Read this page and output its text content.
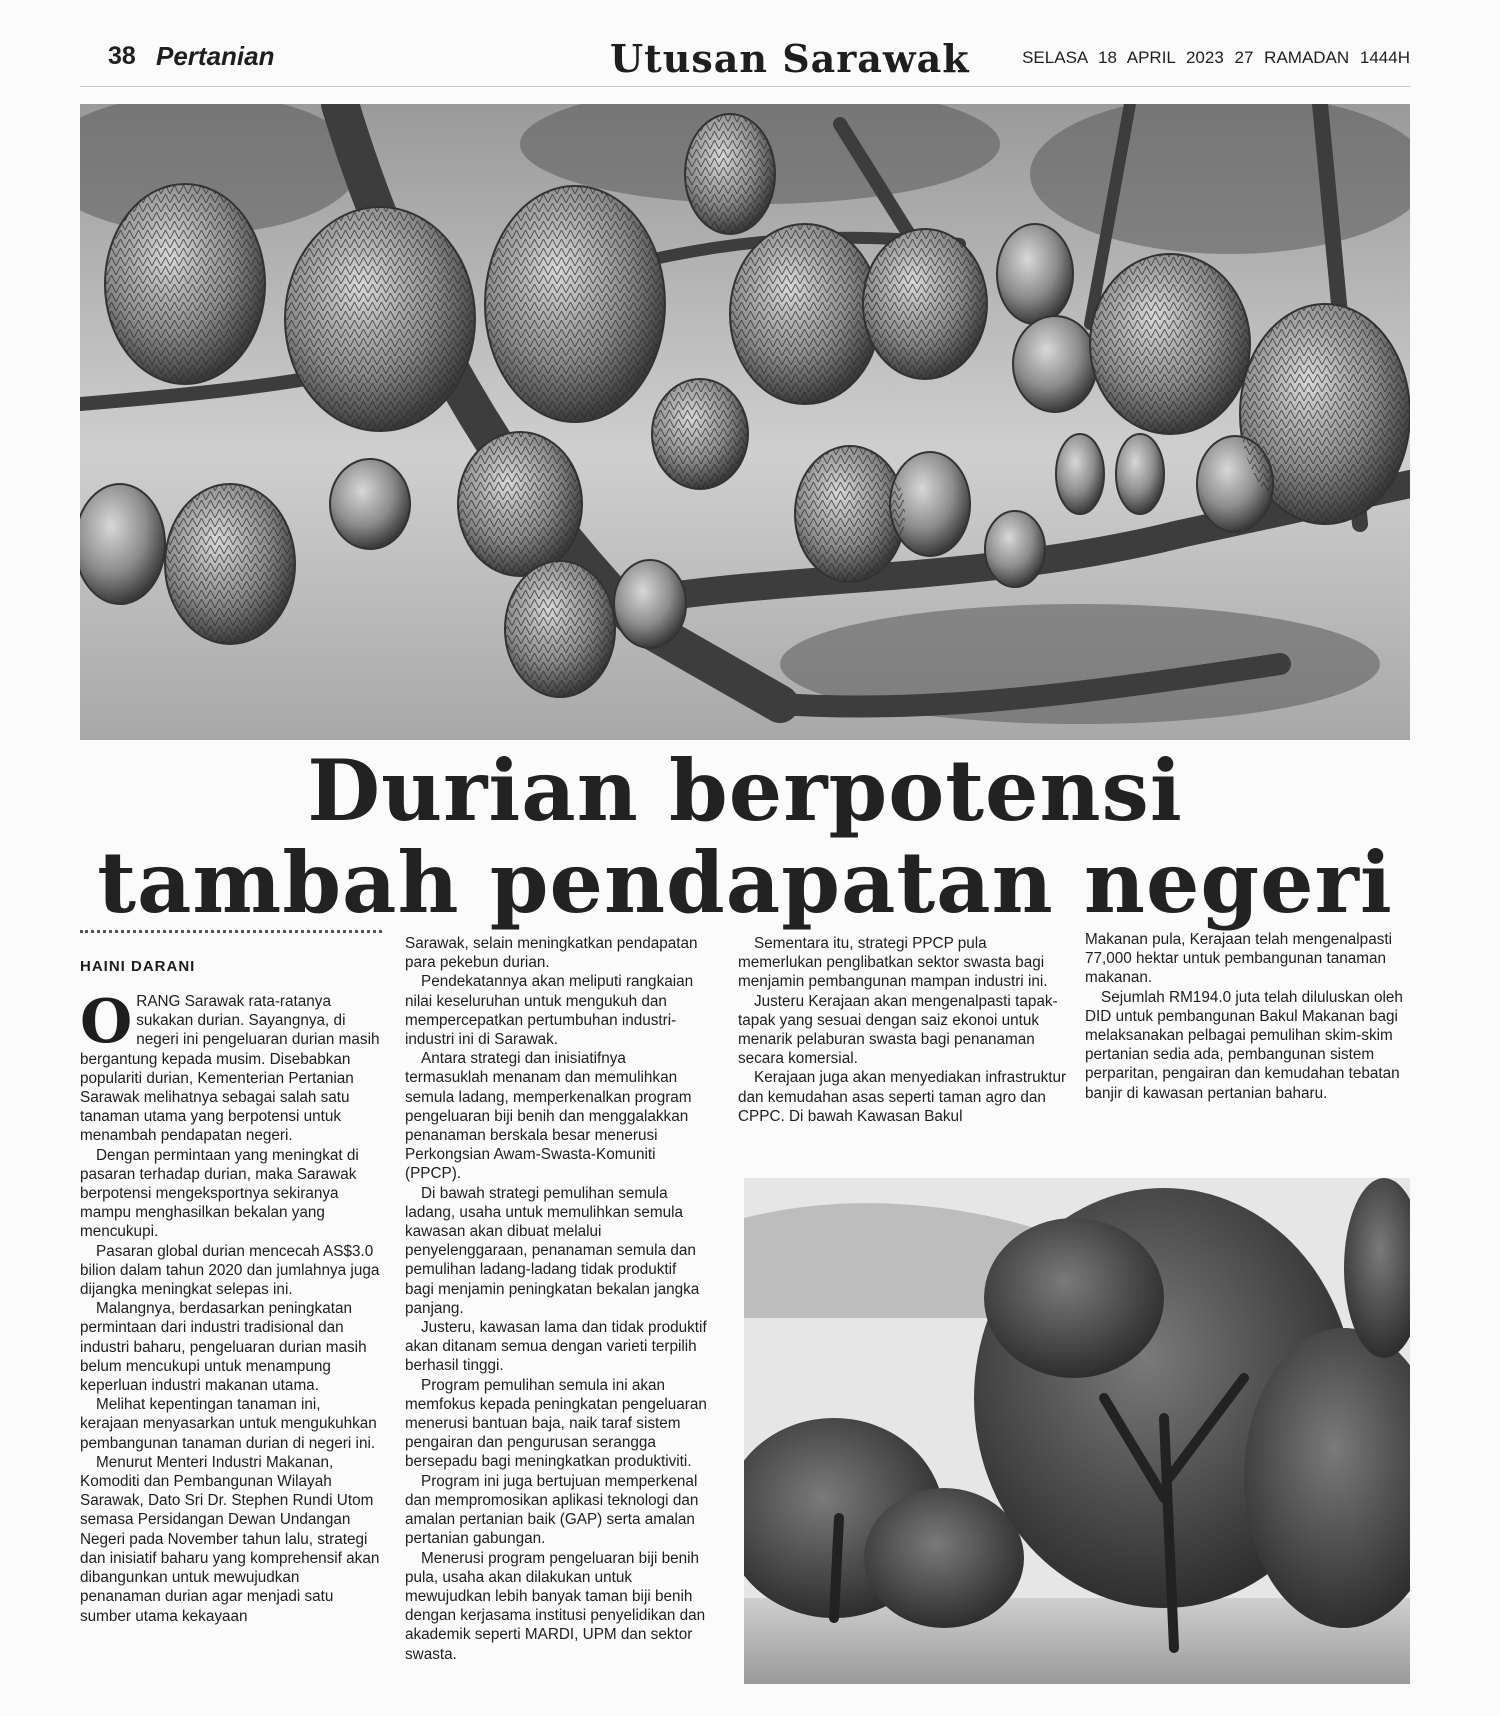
38 Pertanian	Utusan Sarawak	SELASA 18 APRIL 2023 27 RAMADAN 1444H
Durian berpotensi
tambah pendapatan negeri
HAINI DARANI
O RANG Sarawak rata-ratanya sukakan durian. Sayangnya, di negeri ini pengeluaran durian masih bergantung kepada musim. Disebabkan populariti durian, Kementerian Pertanian Sarawak melihatnya sebagai salah satu tanaman utama yang berpotensi untuk menambah pendapatan negeri.

Dengan permintaan yang meningkat di pasaran terhadap durian, maka Sarawak berpotensi mengeksportnya sekiranya mampu menghasilkan bekalan yang mencukupi.

Pasaran global durian mencecah AS$3.0 bilion dalam tahun 2020 dan jumlahnya juga dijangka meningkat selepas ini.

Malangnya, berdasarkan peningkatan permintaan dari industri tradisional dan industri baharu, pengeluaran durian masih belum mencukupi untuk menampung keperluan industri makanan utama.

Melihat kepentingan tanaman ini, kerajaan menyasarkan untuk mengukuhkan pembangunan tanaman durian di negeri ini.

Menurut Menteri Industri Makanan, Komoditi dan Pembangunan Wilayah Sarawak, Dato Sri Dr. Stephen Rundi Utom semasa Persidangan Dewan Undangan Negeri pada November tahun lalu, strategi dan inisiatif baharu yang komprehensif akan dibangunkan untuk mewujudkan penanaman durian agar menjadi satu sumber utama kekayaan

Sarawak, selain meningkatkan pendapatan para pekebun durian.

Pendekatannya akan meliputi rangkaian nilai keseluruhan untuk mengukuh dan mempercepatkan pertumbuhan industri-industri ini di Sarawak.

Antara strategi dan inisiatifnya termasuklah menanam dan memulihkan semula ladang, memperkenalkan program pengeluaran biji benih dan menggalakkan penanaman berskala besar menerusi Perkongsian Awam-Swasta-Komuniti (PPCP).

Di bawah strategi pemulihan semula ladang, usaha untuk memulihkan semula kawasan akan dibuat melalui penyelenggaraan, penanaman semula dan pemulihan ladang-ladang tidak produktif bagi menjamin peningkatan bekalan jangka panjang.

Justeru, kawasan lama dan tidak produktif akan ditanam semua dengan varieti terpilih berhasil tinggi.

Program pemulihan semula ini akan memfokus kepada peningkatan pengeluaran menerusi bantuan baja, naik taraf sistem pengairan dan pengurusan serangga bersepadu bagi meningkatkan produktiviti.

Program ini juga bertujuan memperkenal dan mempromosikan aplikasi teknologi dan amalan pertanian baik (GAP) serta amalan pertanian gabungan.

Menerusi program pengeluaran biji benih pula, usaha akan dilakukan untuk mewujudkan lebih banyak taman biji benih dengan kerjasama institusi penyelidikan dan akademik seperti MARDI, UPM dan sektor swasta.

Sementara itu, strategi PPCP pula memerlukan penglibatkan sektor swasta bagi menjamin pembangunan mampan industri ini.

Justeru Kerajaan akan mengenalpasti tapak-tapak yang sesuai dengan saiz ekonoi untuk menarik pelaburan swasta bagi penanaman secara komersial.

Kerajaan juga akan menyediakan infrastruktur dan kemudahan asas seperti taman agro dan CPPC. Di bawah Kawasan Bakul

Makanan pula, Kerajaan telah mengenalpasti 77,000 hektar untuk pembangunan tanaman makanan.

Sejumlah RM194.0 juta telah diluluskan oleh DID untuk pembangunan Bakul Makanan bagi melaksanakan pelbagai pemulihan skim-skim pertanian sedia ada, pembangunan sistem perparitan, pengairan dan kemudahan tebatan banjir di kawasan pertanian baharu.
